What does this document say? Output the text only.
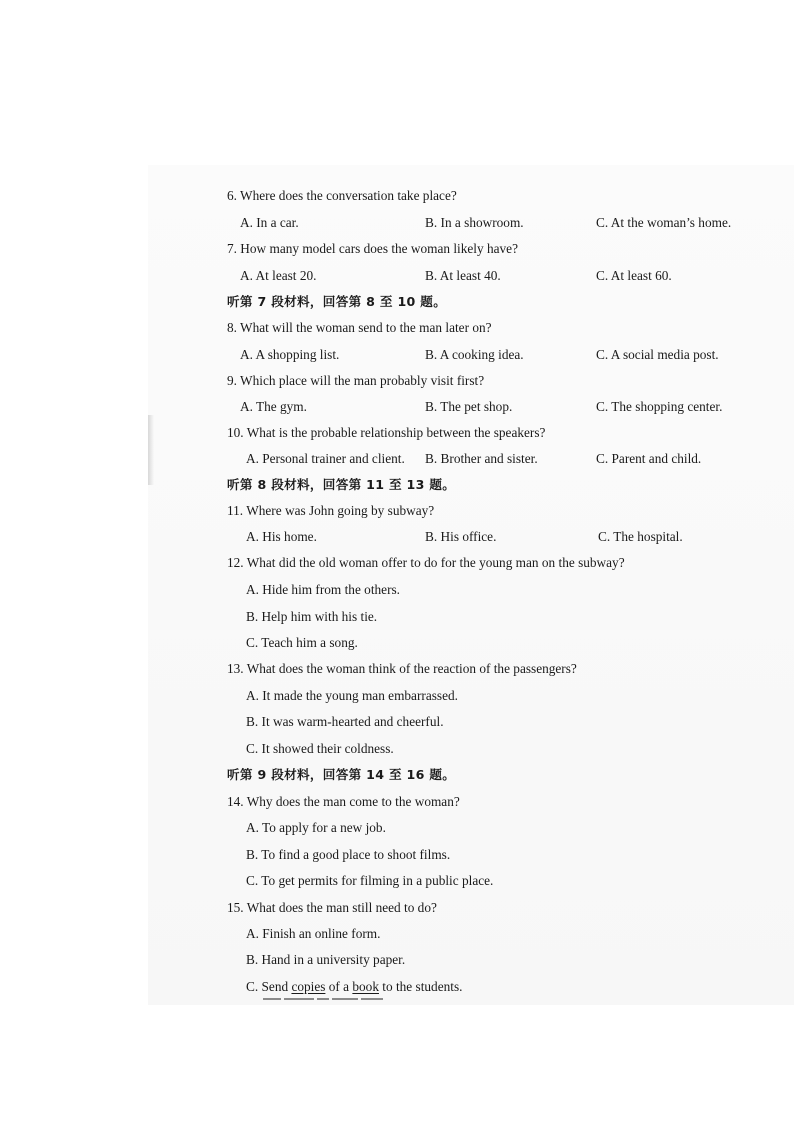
6. Where does the conversation take place?
A. In a car.	B. In a showroom.	C. At the woman’s home.
7. How many model cars does the woman likely have?
A. At least 20.	B. At least 40.	C. At least 60.
听第 7 段材料，回答第 8 至 10 题。
8. What will the woman send to the man later on?
A. A shopping list.	B. A cooking idea.	C. A social media post.
9. Which place will the man probably visit first?
A. The gym.	B. The pet shop.	C. The shopping center.
10. What is the probable relationship between the speakers?
A. Personal trainer and client. B. Brother and sister.	C. Parent and child.
听第 8 段材料，回答第 11 至 13 题。
11. Where was John going by subway?
A. His home.	B. His office.	C. The hospital.
12. What did the old woman offer to do for the young man on the subway?
A. Hide him from the others.
B. Help him with his tie.
C. Teach him a song.
13. What does the woman think of the reaction of the passengers?
A. It made the young man embarrassed.
B. It was warm-hearted and cheerful.
C. It showed their coldness.
听第 9 段材料，回答第 14 至 16 题。
14. Why does the man come to the woman?
A. To apply for a new job.
B. To find a good place to shoot films.
C. To get permits for filming in a public place.
15. What does the man still need to do?
A. Finish an online form.
B. Hand in a university paper.
C. Send copies of a book to the students.
